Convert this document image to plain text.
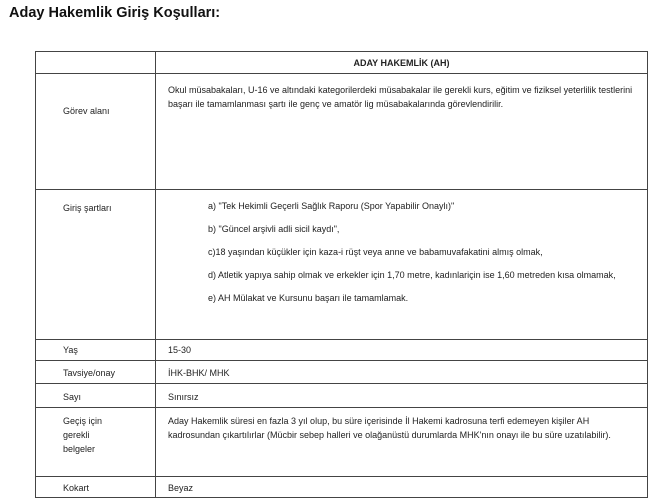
Aday Hakemlik Giriş Koşulları:
	ADAY HAKEMLİK (AH)
Görev alanı	Okul müsabakaları, U-16 ve altındaki kategorilerdeki müsabakalar ile gerekli kurs, eğitim ve fiziksel yeterlilik testlerini başarı ile tamamlanması şartı ile genç ve amatör lig müsabakalarında görevlendirilir.
Giriş şartları	a) "Tek Hekimli Geçerli Sağlık Raporu (Spor Yapabilir Onaylı)"
b) "Güncel arşivli adli sicil kaydı",
c)18 yaşından küçükler için kaza-i rüşt veya anne ve babamuvafakatini almış olmak,
d) Atletik yapıya sahip olmak ve erkekler için 1,70 metre, kadınlariçin ise 1,60 metreden kısa olmamak,
e) AH Mülakat ve Kursunu başarı ile tamamlamak.

Yaş	15-30
Tavsiye/onay	İHK-BHK/ MHK
Sayı	Sınırsız

Geçiş için gerekli belgeler	Aday Hakemlik süresi en fazla 3 yıl olup, bu süre içerisinde İl Hakemi kadrosuna terfi edemeyen kişiler AH kadrosundan çıkartılırlar (Mücbir sebep halleri ve olağanüstü durumlarda MHK'nın onayı ile bu süre uzatılabilir).
Kokart	Beyaz
